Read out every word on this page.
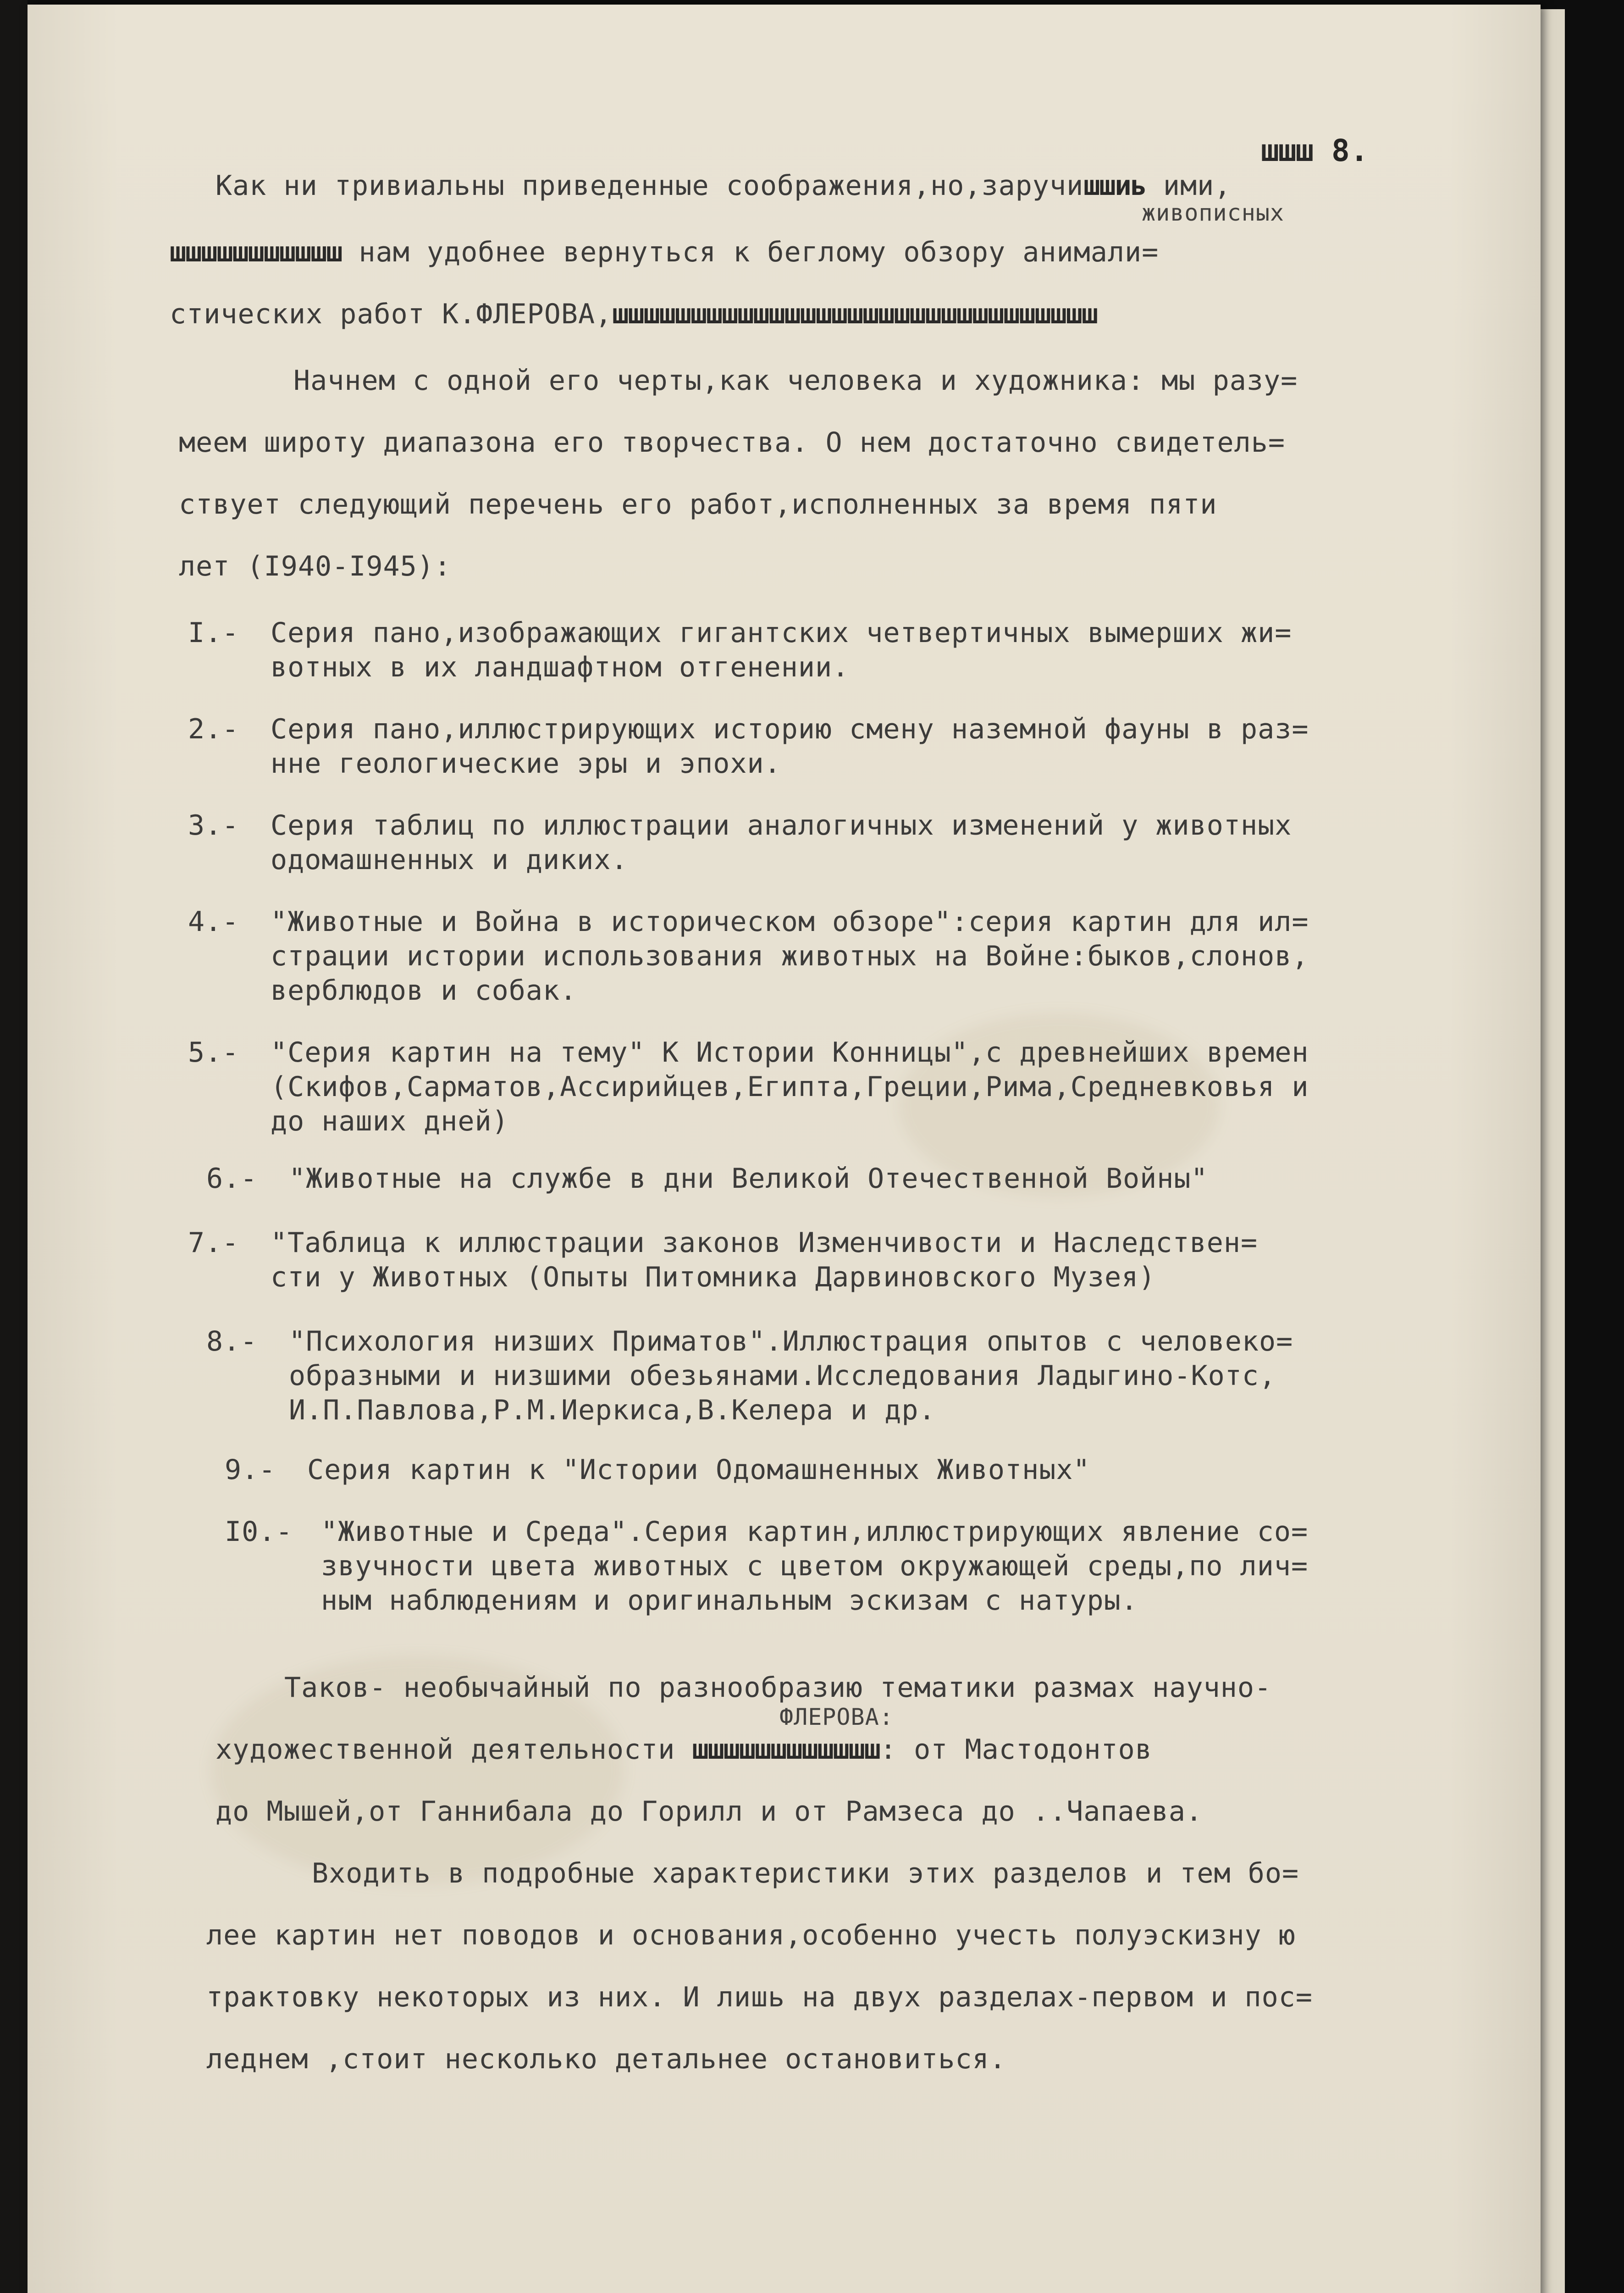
шшш 8.
живописных
Как ни тривиальны приведенные соображения,но,заручишшиь ими,
шшшшшшшшшшш нам удобнее вернуться к беглому обзору анимали=
стических работ К.ФЛЕРОВА,шшшшшшшшшшшшшшшшшшшшшшшшшшшшшшш
Начнем с одной его черты,как человека и художника: мы разу=
меем широту диапазона его творчества. О нем достаточно свидетель=
ствует следующий перечень его работ,исполненных за время пяти
лет (I940-I945):
I.- Серия пано,изображающих гигантских четвертичных вымерших жи=
вотных в их ландшафтном отгенении.
2.- Серия пано,иллюстрирующих историю смену наземной фауны в раз=
нне геологические эры и эпохи.
3.- Серия таблиц по иллюстрации аналогичных изменений у животных
одомашненных и диких.
4.- "Животные и Война в историческом обзоре":серия картин для ил=
страции истории использования животных на Войне:быков,слонов,
верблюдов и собак.
5.- "Серия картин на тему" К Истории Конницы",с древнейших времен
(Скифов,Сарматов,Ассирийцев,Египта,Греции,Рима,Средневковья и
до наших дней)
6.- "Животные на службе в дни Великой Отечественной Войны"
7.- "Таблица к иллюстрации законов Изменчивости и Наследствен=
сти у Животных (Опыты Питомника Дарвиновского Музея)
8.- "Психология низших Приматов".Иллюстрация опытов с человеко=
образными и низшими обезьянами.Исследования Ладыгино-Котс,
И.П.Павлова,Р.М.Иеркиса,В.Келера и др.
9.- Серия картин к "Истории Одомашненных Животных"
I0.- "Животные и Среда".Серия картин,иллюстрирующих явление со=
звучности цвета животных с цветом окружающей среды,по лич=
ным наблюдениям и оригинальным эскизам с натуры.
Таков- необычайный по разнообразию тематики размах научно-
ФЛЕРОВА:
художественной деятельности шшшшшшшшшшшш: от Мастодонтов
до Мышей,от Ганнибала до Горилл и от Рамзеса до ..Чапаева.
Входить в подробные характеристики этих разделов и тем бо=
лее картин нет поводов и основания,особенно учесть полуэскизну ю
трактовку некоторых из них. И лишь на двух разделах-первом и пос=
леднем ,стоит несколько детальнее остановиться.
